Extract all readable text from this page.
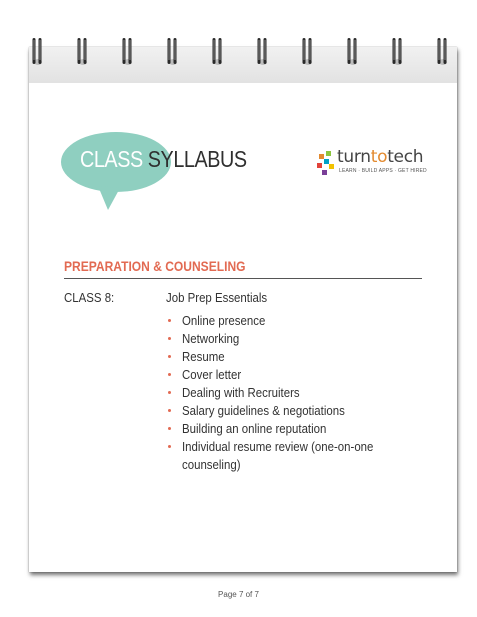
CLASS SYLLABUS	turntotech
LEARN · BUILD APPS · GET HIRED
PREPARATION & COUNSELING
CLASS 8:	Job Prep Essentials
Online presence
Networking
Resume
Cover letter
Dealing with Recruiters
Salary guidelines & negotiations
Building an online reputation
Individual resume review (one-on-one
counseling)
Page 7 of 7
